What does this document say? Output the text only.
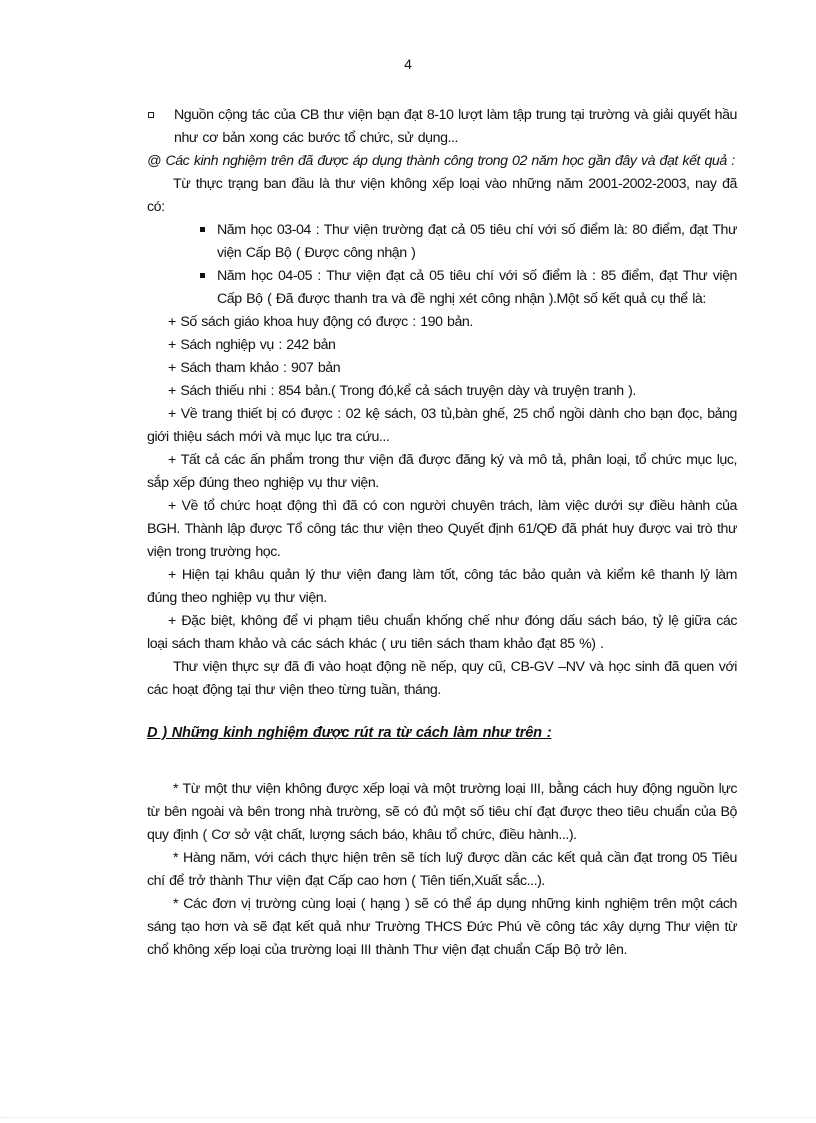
4

Nguồn cộng tác của CB thư viện bạn đạt 8-10 lượt làm tập trung tại trường và giải quyết hầu như cơ bản xong các bước tổ chức, sử dụng...

@ Các kinh nghiệm trên đã được áp dụng thành công trong 02 năm học gần đây và đạt kết quả :

Từ thực trạng ban đầu là thư viện không xếp loại vào những năm 2001-2002-2003, nay đã có:

Năm học 03-04 : Thư viện trường đạt cả 05 tiêu chí với số điểm là: 80 điểm, đạt Thư viện Cấp Bộ ( Được công nhận )

Năm học 04-05 : Thư viện đạt cả 05 tiêu chí với số điểm là : 85 điểm, đạt Thư viện Cấp Bộ ( Đã được thanh tra và đề nghị xét công nhận ).Một số kết quả cụ thể là:

+ Số sách giáo khoa huy động có được : 190 bản.

+ Sách nghiệp vụ : 242 bản

+ Sách tham khảo : 907 bản

+ Sách thiếu nhi : 854 bản.( Trong đó,kể cả sách truyện dày và truyện tranh ).

+ Về trang thiết bị có được : 02 kệ sách, 03 tủ,bàn ghế, 25 chổ ngồi dành cho bạn đọc, bảng giới thiệu sách mới và mục lục tra cứu...

+ Tất cả các ấn phẩm trong thư viện đã được đăng ký và mô tả, phân loại, tổ chức mục lục, sắp xếp đúng theo nghiệp vụ thư viện.

+ Về tổ chức hoạt động thì đã có con người chuyên trách, làm việc dưới sự điều hành của BGH. Thành lập được Tổ công tác thư viện theo Quyết định 61/QĐ đã phát huy được vai trò thư viện trong trường học.

+ Hiện tại khâu quản lý thư viện đang làm tốt, công tác bảo quản và kiểm kê thanh lý làm đúng theo nghiệp vụ thư viện.

+ Đặc biệt, không để vi phạm tiêu chuẩn khống chế như đóng dấu sách báo, tỷ lệ giữa các loại sách tham khảo và các sách khác ( ưu tiên sách tham khảo đạt 85 %) .

Thư viện thực sự đã đi vào hoạt động nề nếp, quy cũ, CB-GV –NV và học sinh đã quen với các hoạt động tại thư viện theo từng tuần, tháng.

D ) Những kinh nghiệm được rút ra từ cách làm như trên :

* Từ một thư viện không được xếp loại và một trường loại III, bằng cách huy động nguồn lực từ bên ngoài và bên trong nhà trường, sẽ có đủ một số tiêu chí đạt được theo tiêu chuẩn của Bộ quy định ( Cơ sở vật chất, lượng sách báo, khâu tổ chức, điều hành...).

* Hàng năm, với cách thực hiện trên sẽ tích luỹ được dần các kết quả cần đạt trong 05 Tiêu chí để trở thành Thư viện đạt Cấp cao hơn ( Tiên tiến,Xuất sắc...).

* Các đơn vị trường cùng loại ( hạng ) sẽ có thể áp dụng những kinh nghiệm trên một cách sáng tạo hơn và sẽ đạt kết quả như Trường THCS Đức Phú về công tác xây dựng Thư viện từ chổ không xếp loại của trường loại III thành Thư viện đạt chuẩn Cấp Bộ trở lên.
